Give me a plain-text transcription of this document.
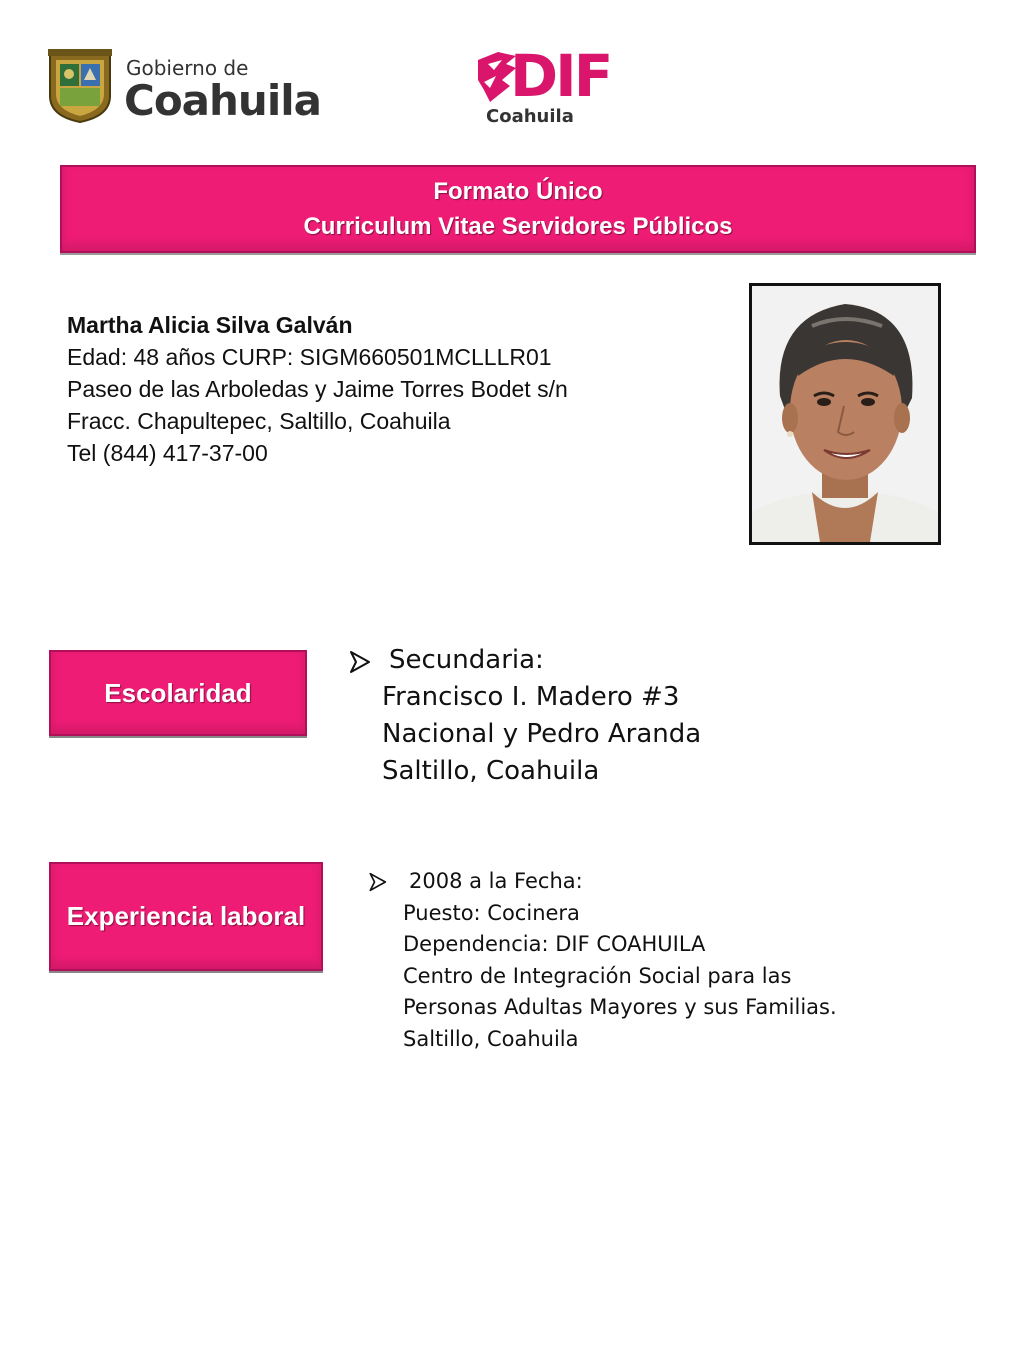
Gobierno de
Coahuila	DIF
Coahuila
Formato Único
Curriculum Vitae Servidores Públicos
Martha Alicia Silva Galván
Edad: 48 años CURP: SIGM660501MCLLLR01
Paseo de las Arboledas y Jaime Torres Bodet s/n
Fracc. Chapultepec, Saltillo, Coahuila
Tel (844) 417-37-00
Escolaridad
Secundaria:
Francisco I. Madero #3
Nacional y Pedro Aranda
Saltillo, Coahuila
Experiencia laboral
2008 a la Fecha:
Puesto: Cocinera
Dependencia: DIF COAHUILA
Centro de Integración Social para las
Personas Adultas Mayores y sus Familias.
Saltillo, Coahuila
